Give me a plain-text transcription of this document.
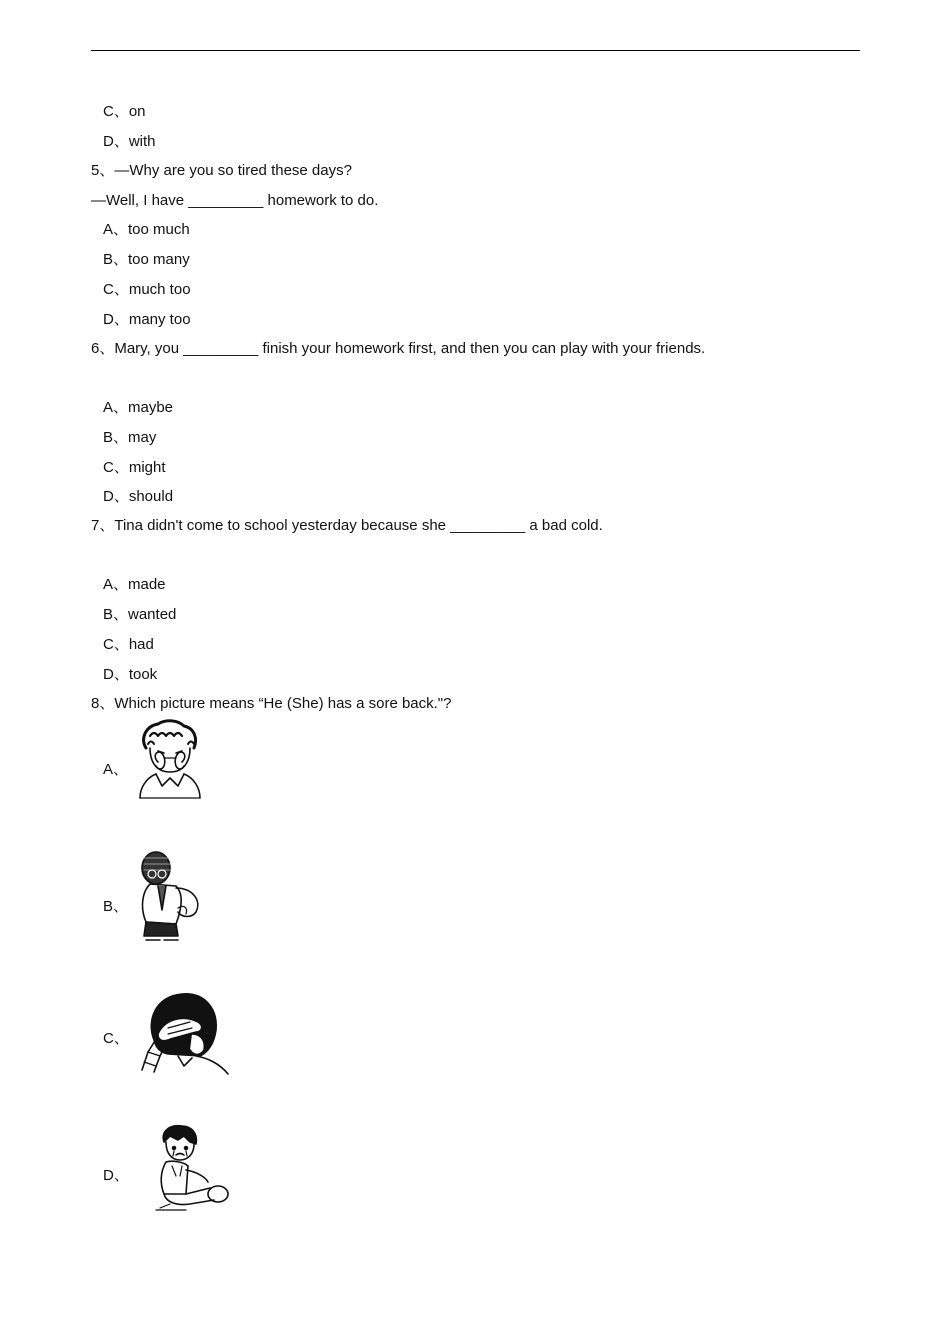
C、on
D、with
5、—Why are you so tired these days?
—Well, I have _________ homework to do.
A、too much
B、too many
C、much too
D、many too
6、Mary, you _________ finish your homework first, and then you can play with your friends.
A、maybe
B、may
C、might
D、should
7、Tina didn't come to school yesterday because she _________ a bad cold.
A、made
B、wanted
C、had
D、took
8、Which picture means “He (She) has a sore back."?
A、
B、
C、
D、
